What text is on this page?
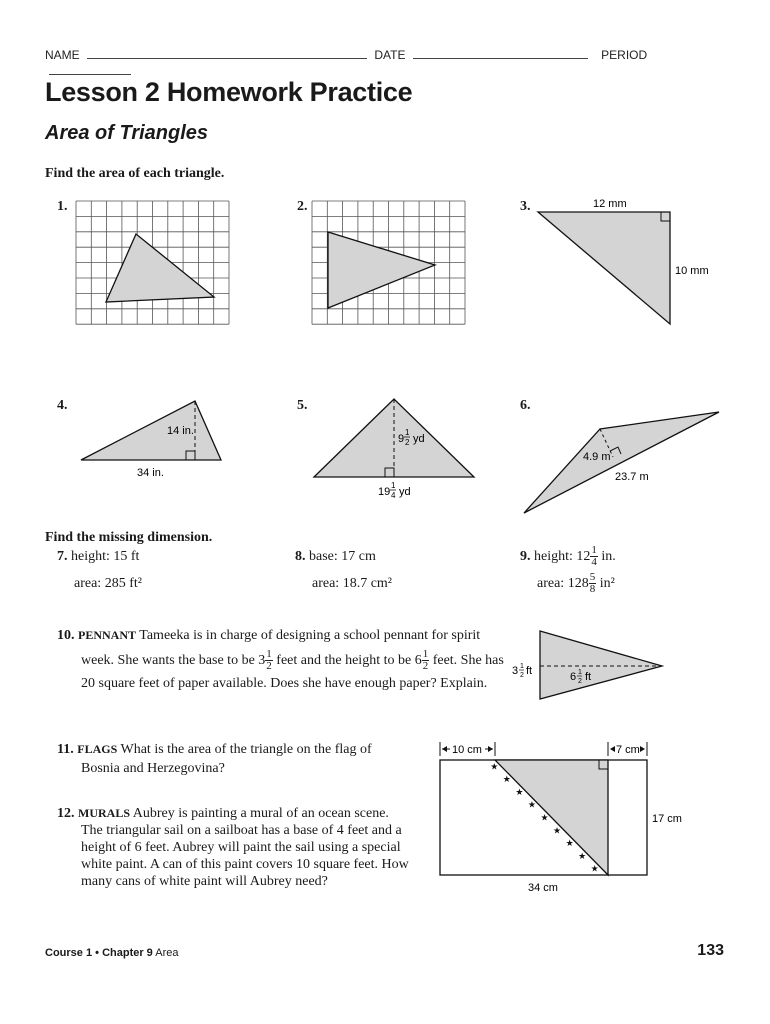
NAME	DATE	PERIOD
Lesson 2 Homework Practice
Area of Triangles
Find the area of each triangle.
1.	2.	3.	12 mm
10 mm
4.
14 in.
34 in.
5.
9
1
2 yd
19
1
4 yd
6.
4.9 m
23.7 m
Find the missing dimension.
7. height: 15 ft
area: 285 ft²
8. base: 17 cm
area: 18.7 cm²
9. height: $12 \frac{1}{4}$ in.
area: $128 \frac{5}{8} in^2$
10. PENNANT Tameeka is in charge of designing a school pennant for spirit
week. She wants the base to be $3 \frac{1}{2}$ feet and the height to be $6 \frac{1}{2}$ feet. She has
20 square feet of paper available. Does she have enough paper? Explain.
3 1
2 ft	6 1
2 ft
11. FLAGS What is the area of the triangle on the flag of
Bosnia and Herzegovina?
12. MURALS Aubrey is painting a mural of an ocean scene.
The triangular sail on a sailboat has a base of 4 feet and a
height of 6 feet. Aubrey will paint the sail using a special
white paint. A can of this paint covers 10 square feet. How
many cans of white paint will Aubrey need?
10 cm	7 cm
★
★
★
★
★
★
★
★
★
17 cm
34 cm
Course 1 • Chapter 9 Area	133
